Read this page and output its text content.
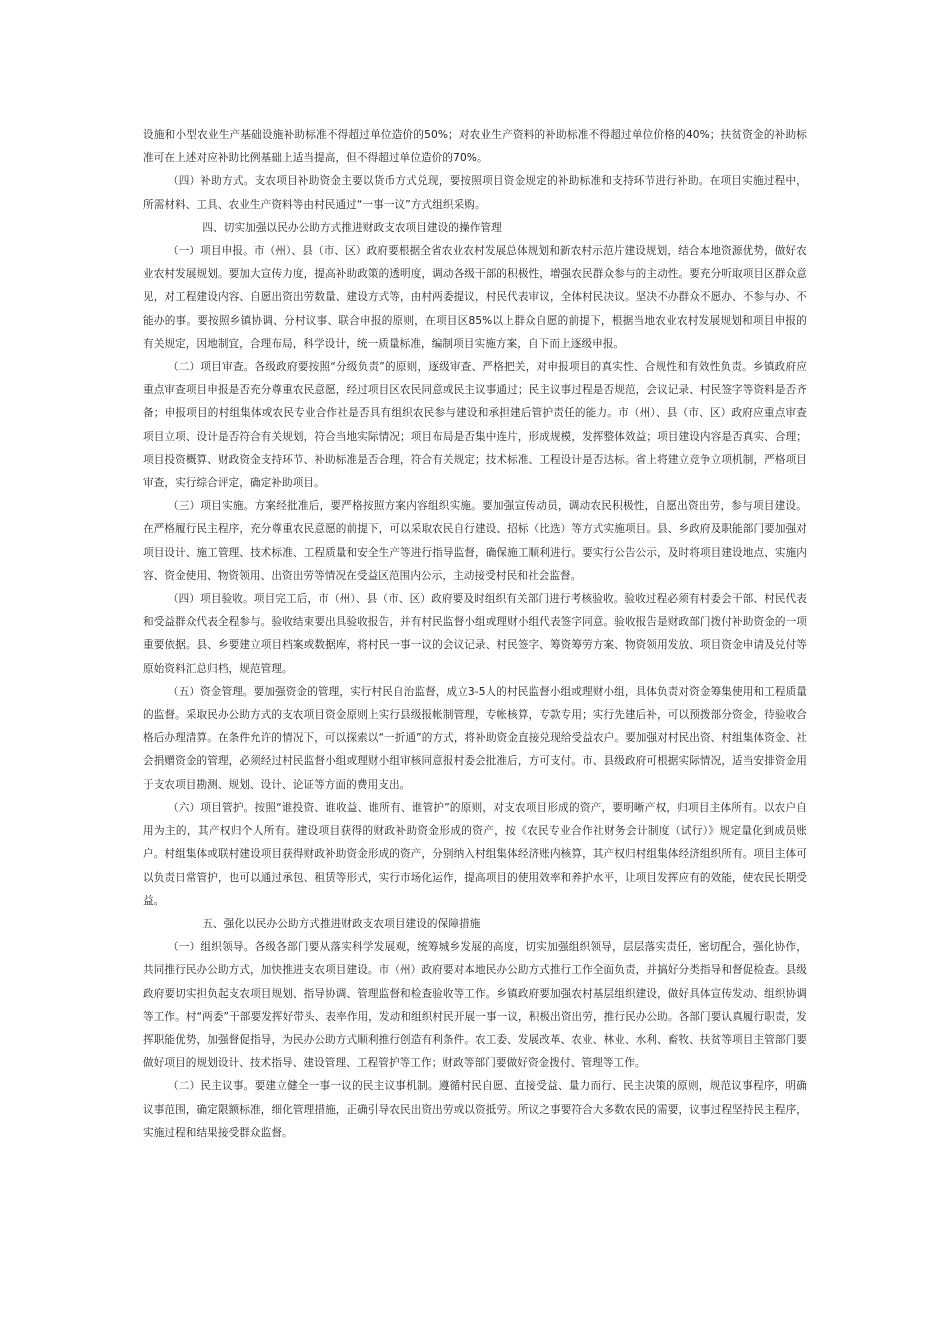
设施和小型农业生产基础设施补助标准不得超过单位造价的50%；对农业生产资料的补助标准不得超过单位价格的40%；扶贫资金的补助标准可在上述对应补助比例基础上适当提高，但不得超过单位造价的70%。

（四）补助方式。支农项目补助资金主要以货币方式兑现，要按照项目资金规定的补助标准和支持环节进行补助。在项目实施过程中，所需材料、工具、农业生产资料等由村民通过“一事一议”方式组织采购。

四、切实加强以民办公助方式推进财政支农项目建设的操作管理

（一）项目申报。市（州）、县（市、区）政府要根据全省农业农村发展总体规划和新农村示范片建设规划，结合本地资源优势，做好农业农村发展规划。要加大宣传力度，提高补助政策的透明度，调动各级干部的积极性，增强农民群众参与的主动性。要充分听取项目区群众意见，对工程建设内容、自愿出资出劳数量、建设方式等，由村两委提议，村民代表审议，全体村民决议。坚决不办群众不愿办、不参与办、不能办的事。要按照乡镇协调、分村议事、联合申报的原则，在项目区85%以上群众自愿的前提下，根据当地农业农村发展规划和项目申报的有关规定，因地制宜，合理布局，科学设计，统一质量标准，编制项目实施方案，自下而上逐级申报。

（二）项目审查。各级政府要按照“分级负责”的原则，逐级审查、严格把关，对申报项目的真实性、合规性和有效性负责。乡镇政府应重点审查项目申报是否充分尊重农民意愿，经过项目区农民同意或民主议事通过；民主议事过程是否规范，会议记录、村民签字等资料是否齐备；申报项目的村组集体或农民专业合作社是否具有组织农民参与建设和承担建后管护责任的能力。市（州）、县（市、区）政府应重点审查项目立项、设计是否符合有关规划，符合当地实际情况；项目布局是否集中连片，形成规模，发挥整体效益；项目建设内容是否真实、合理；项目投资概算、财政资金支持环节、补助标准是否合理，符合有关规定；技术标准、工程设计是否达标。省上将建立竞争立项机制，严格项目审查，实行综合评定，确定补助项目。

（三）项目实施。方案经批准后，要严格按照方案内容组织实施。要加强宣传动员，调动农民积极性，自愿出资出劳，参与项目建设。在严格履行民主程序，充分尊重农民意愿的前提下，可以采取农民自行建设、招标（比选）等方式实施项目。县、乡政府及职能部门要加强对项目设计、施工管理、技术标准、工程质量和安全生产等进行指导监督，确保施工顺利进行。要实行公告公示，及时将项目建设地点、实施内容、资金使用、物资领用、出资出劳等情况在受益区范围内公示，主动接受村民和社会监督。

（四）项目验收。项目完工后，市（州）、县（市、区）政府要及时组织有关部门进行考核验收。验收过程必须有村委会干部、村民代表和受益群众代表全程参与。验收结束要出具验收报告，并有村民监督小组或理财小组代表签字同意。验收报告是财政部门拨付补助资金的一项重要依据。县、乡要建立项目档案或数据库，将村民一事一议的会议记录、村民签字、筹资筹劳方案、物资领用发放、项目资金申请及兑付等原始资料汇总归档，规范管理。

（五）资金管理。要加强资金的管理，实行村民自治监督，成立3-5人的村民监督小组或理财小组，具体负责对资金筹集使用和工程质量的监督。采取民办公助方式的支农项目资金原则上实行县级报帐制管理，专帐核算，专款专用；实行先建后补，可以预拨部分资金，待验收合格后办理清算。在条件允许的情况下，可以探索以“一折通”的方式，将补助资金直接兑现给受益农户。要加强对村民出资、村组集体资金、社会捐赠资金的管理，必须经过村民监督小组或理财小组审核同意报村委会批准后，方可支付。市、县级政府可根据实际情况，适当安排资金用于支农项目勘测、规划、设计、论证等方面的费用支出。

（六）项目管护。按照“谁投资、谁收益、谁所有、谁管护”的原则，对支农项目形成的资产，要明晰产权，归项目主体所有。以农户自用为主的，其产权归个人所有。建设项目获得的财政补助资金形成的资产，按《农民专业合作社财务会计制度（试行）》规定量化到成员账户。村组集体或联村建设项目获得财政补助资金形成的资产，分别纳入村组集体经济账内核算，其产权归村组集体经济组织所有。项目主体可以负责日常管护，也可以通过承包、租赁等形式，实行市场化运作，提高项目的使用效率和养护水平，让项目发挥应有的效能，使农民长期受益。

五、强化以民办公助方式推进财政支农项目建设的保障措施

（一）组织领导。各级各部门要从落实科学发展观，统筹城乡发展的高度，切实加强组织领导，层层落实责任，密切配合，强化协作，共同推行民办公助方式，加快推进支农项目建设。市（州）政府要对本地民办公助方式推行工作全面负责，并搞好分类指导和督促检查。县级政府要切实担负起支农项目规划、指导协调、管理监督和检查验收等工作。乡镇政府要加强农村基层组织建设，做好具体宣传发动、组织协调等工作。村“两委”干部要发挥好带头、表率作用，发动和组织村民开展一事一议，积极出资出劳，推行民办公助。各部门要认真履行职责，发挥职能优势，加强督促指导，为民办公助方式顺利推行创造有利条件。农工委、发展改革、农业、林业、水利、畜牧、扶贫等项目主管部门要做好项目的规划设计、技术指导、建设管理、工程管护等工作；财政等部门要做好资金拨付、管理等工作。

（二）民主议事。要建立健全一事一议的民主议事机制。遵循村民自愿、直接受益、量力而行、民主决策的原则，规范议事程序，明确议事范围，确定限额标准，细化管理措施，正确引导农民出资出劳或以资抵劳。所议之事要符合大多数农民的需要，议事过程坚持民主程序，实施过程和结果接受群众监督。
